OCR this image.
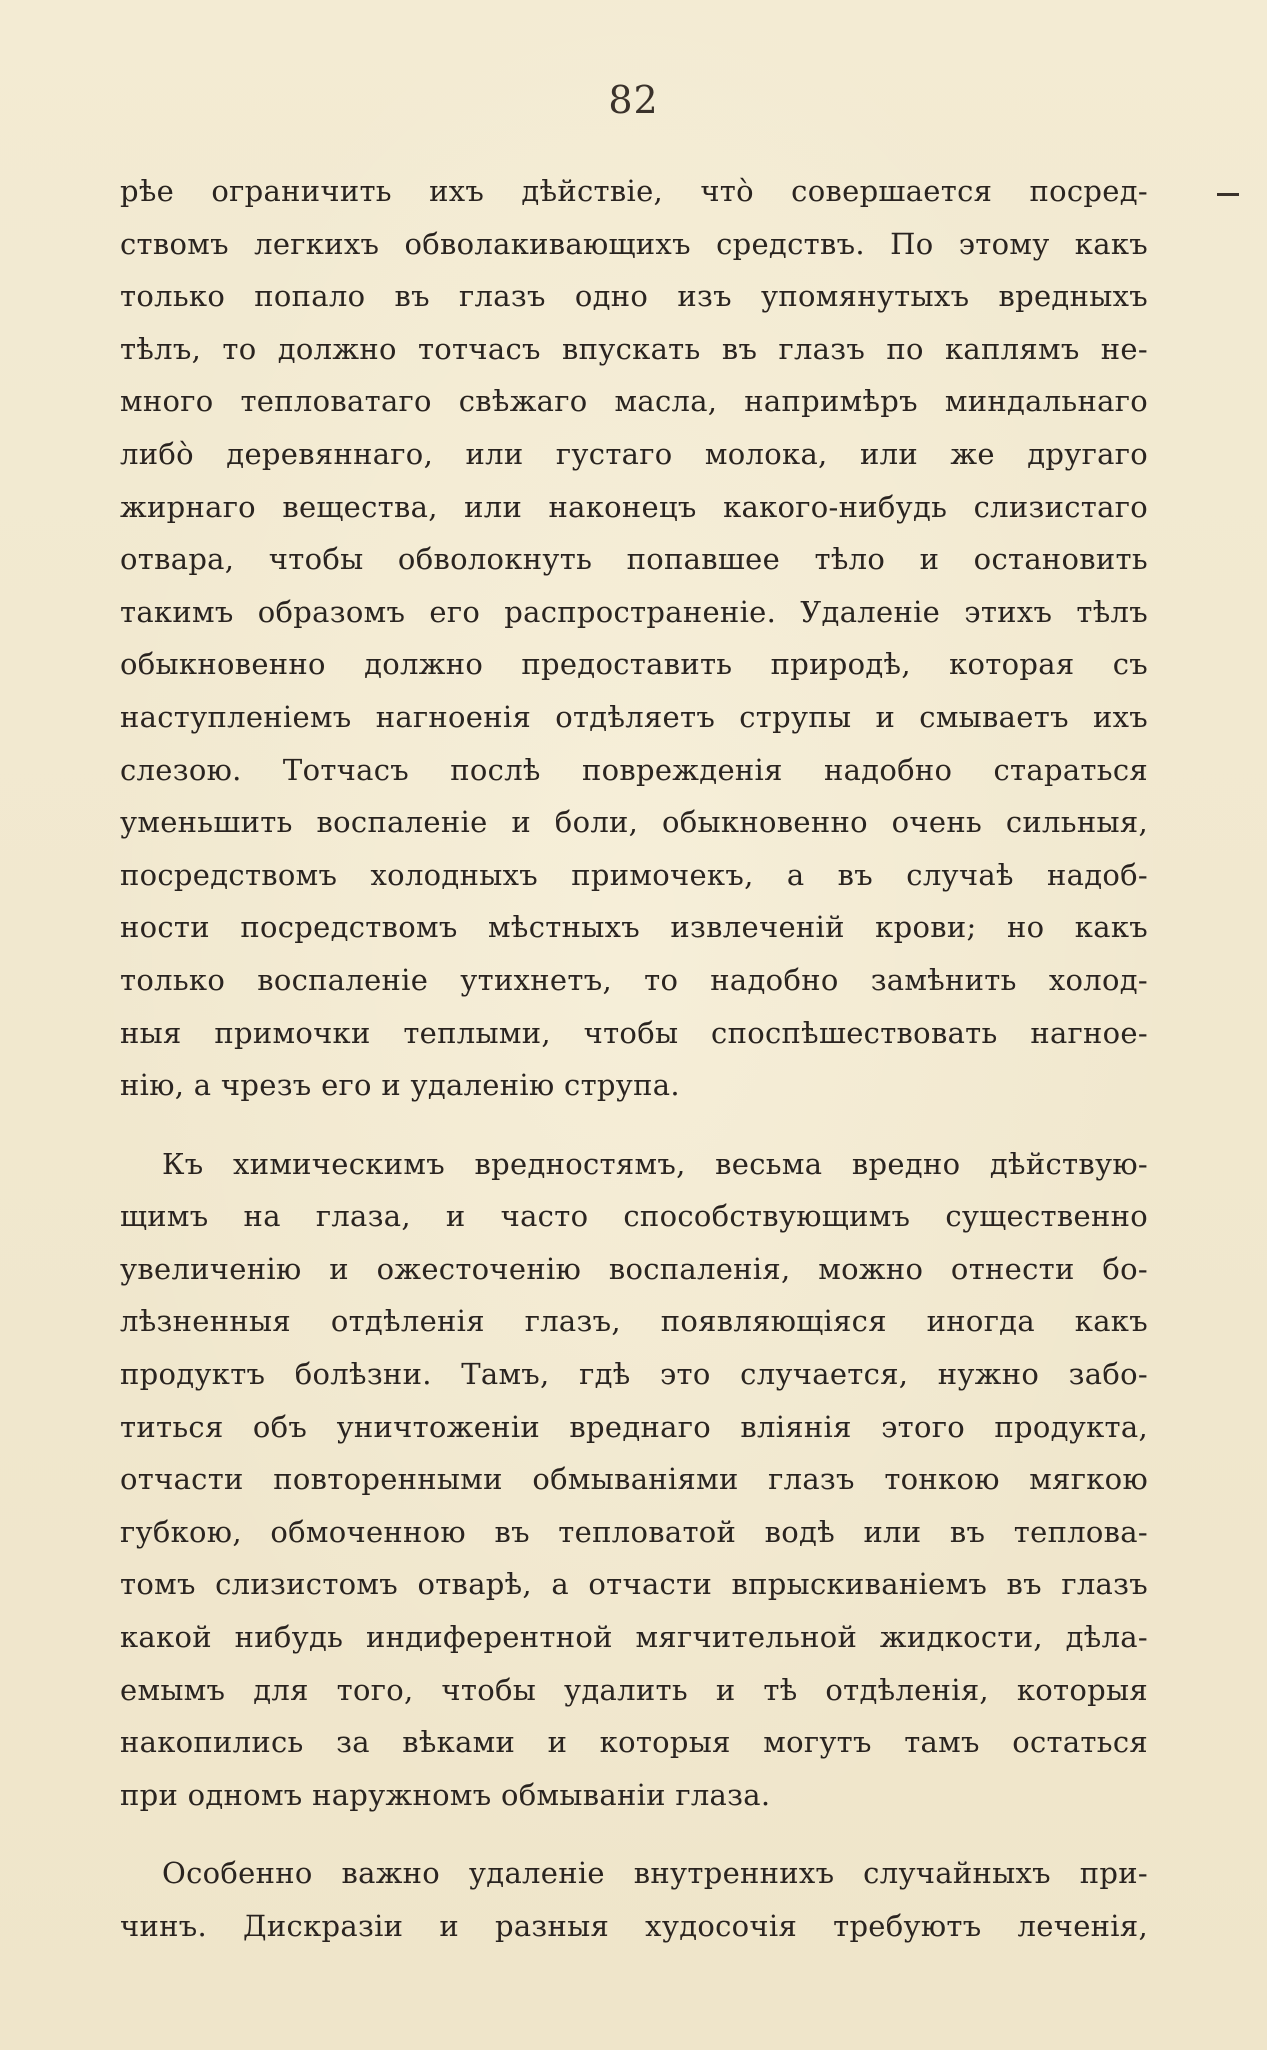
82
рѣе ограничить ихъ дѣйствiе, чтò совершается посред-
ствомъ легкихъ обволакивающихъ средствъ. По этому какъ
только попало въ глазъ одно изъ упомянутыхъ вредныхъ
тѣлъ, то должно тотчасъ впускать въ глазъ по каплямъ не-
много тепловатаго свѣжаго масла, напримѣръ миндальнаго
либò деревяннаго, или густаго молока, или же другаго
жирнаго вещества, или наконецъ какого-нибудь слизистаго
отвара, чтобы обволокнуть попавшее тѣло и остановить
такимъ образомъ его распространенiе. Удаленiе этихъ тѣлъ
обыкновенно должно предоставить природѣ, которая съ
наступленiемъ нагноенiя отдѣляетъ струпы и смываетъ ихъ
слезою. Тотчасъ послѣ поврежденiя надобно стараться
уменьшить воспаленiе и боли, обыкновенно очень сильныя,
посредствомъ холодныхъ примочекъ, а въ случаѣ надоб-
ности посредствомъ мѣстныхъ извлеченiй крови; но какъ
только воспаленiе утихнетъ, то надобно замѣнить холод-
ныя примочки теплыми, чтобы споспѣшествовать нагное-
нiю, а чрезъ его и удаленiю струпа.
Къ химическимъ вредностямъ, весьма вредно дѣйствую-
щимъ на глаза, и часто способствующимъ существенно
увеличенiю и ожесточенiю воспаленiя, можно отнести бо-
лѣзненныя отдѣленiя глазъ, появляющiяся иногда какъ
продуктъ болѣзни. Тамъ, гдѣ это случается, нужно забо-
титься объ уничтоженiи вреднаго влiянiя этого продукта,
отчасти повторенными обмыванiями глазъ тонкою мягкою
губкою, обмоченною въ тепловатой водѣ или въ теплова-
томъ слизистомъ отварѣ, а отчасти впрыскиванiемъ въ глазъ
какой нибудь индиферентной мягчительной жидкости, дѣла-
емымъ для того, чтобы удалить и тѣ отдѣленiя, которыя
накопились за вѣками и которыя могутъ тамъ остаться
при одномъ наружномъ обмыванiи глаза.
Особенно важно удаленiе внутреннихъ случайныхъ при-
чинъ. Дискразiи и разныя худосочiя требуютъ леченiя,
